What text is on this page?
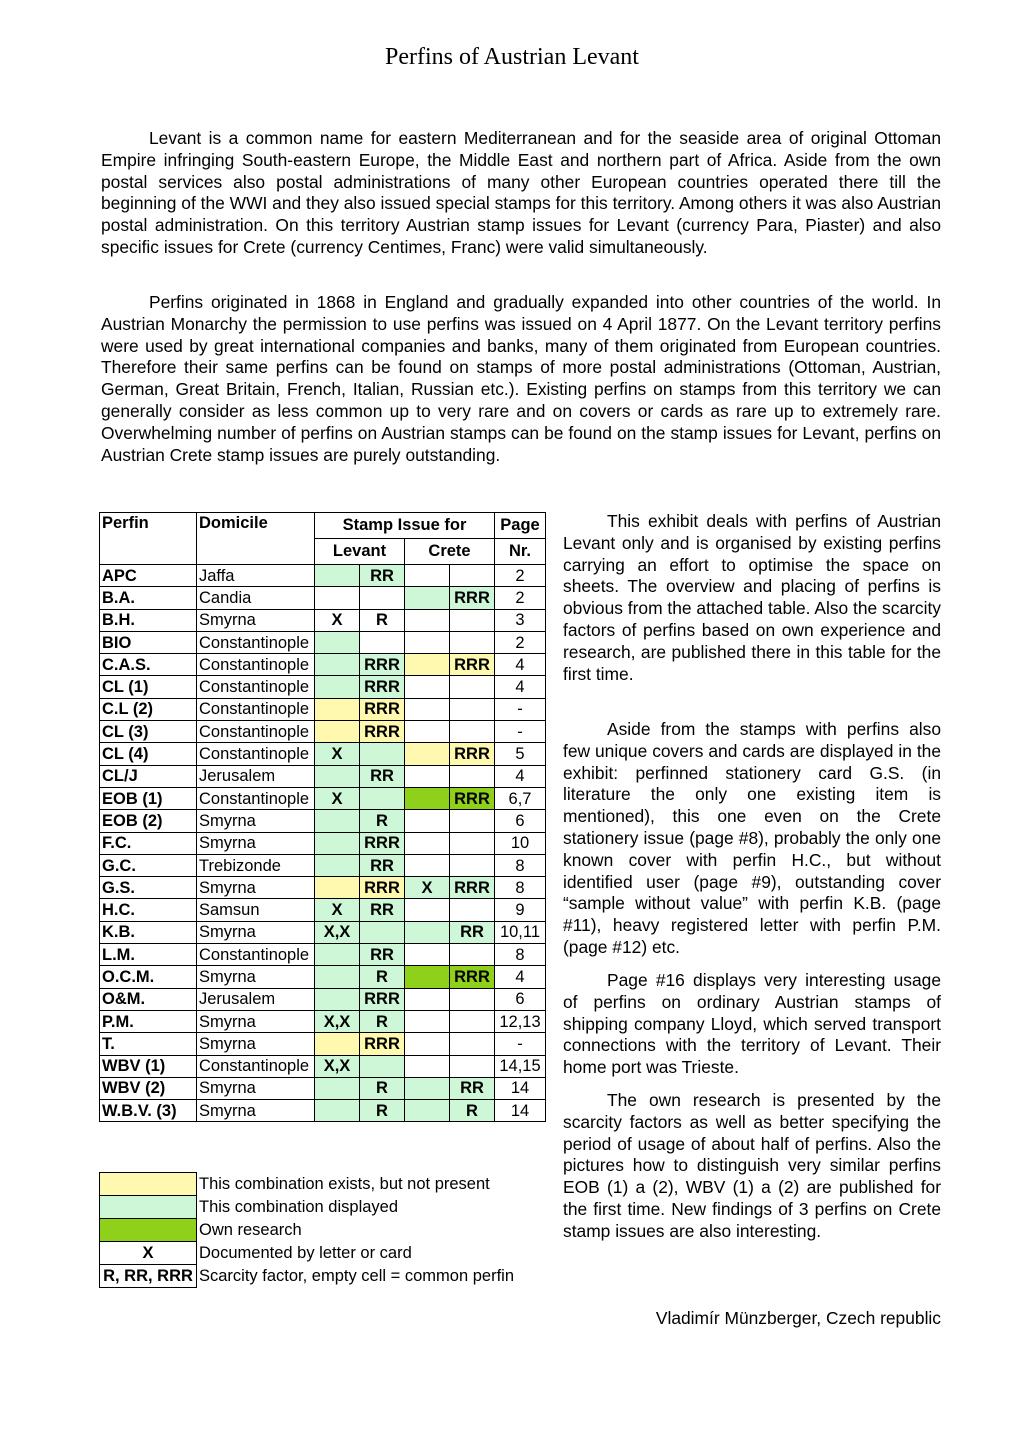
Perfins of Austrian Levant

Levant is a common name for eastern Mediterranean and for the seaside area of original Ottoman Empire infringing South-eastern Europe, the Middle East and northern part of Africa. Aside from the own postal services also postal administrations of many other European countries operated there till the beginning of the WWI and they also issued special stamps for this territory. Among others it was also Austrian postal administration. On this territory Austrian stamp issues for Levant (currency Para, Piaster) and also specific issues for Crete (currency Centimes, Franc) were valid simultaneously.

Perfins originated in 1868 in England and gradually expanded into other countries of the world. In Austrian Monarchy the permission to use perfins was issued on 4 April 1877. On the Levant territory perfins were used by great international companies and banks, many of them originated from European countries. Therefore their same perfins can be found on stamps of more postal administrations (Ottoman, Austrian, German, Great Britain, French, Italian, Russian etc.). Existing perfins on stamps from this territory we can generally consider as less common up to very rare and on covers or cards as rare up to extremely rare. Overwhelming number of perfins on Austrian stamps can be found on the stamp issues for Levant, perfins on Austrian Crete stamp issues are purely outstanding.

Perfin	Domicile	Stamp Issue for				Page
		Levant		Crete		Nr.
APC	Jaffa		RR			2
B.A.	Candia				RRR	2
B.H.	Smyrna	X	R			3
BIO	Constantinople					2
C.A.S.	Constantinople		RRR		RRR	4
CL (1)	Constantinople		RRR			4
C.L (2)	Constantinople		RRR			-
CL (3)	Constantinople		RRR			-
CL (4)	Constantinople	X			RRR	5
CL/J	Jerusalem		RR			4
EOB (1)	Constantinople	X			RRR	6,7
EOB (2)	Smyrna		R			6
F.C.	Smyrna		RRR			10
G.C.	Trebizonde		RR			8
G.S.	Smyrna		RRR	X	RRR	8
H.C.	Samsun	X	RR			9
K.B.	Smyrna	X,X			RR	10,11
L.M.	Constantinople		RR			8
O.C.M.	Smyrna		R		RRR	4
O&M.	Jerusalem		RRR			6
P.M.	Smyrna	X,X	R			12,13
T.	Smyrna		RRR			-
WBV (1)	Constantinople	X,X				14,15
WBV (2)	Smyrna		R		RR	14
W.B.V. (3)	Smyrna		R		R	14
	This combination exists, but not present
	This combination displayed
	Own research
X	Documented by letter or card
R, RR, RRR	Scarcity factor, empty cell = common perfin

This exhibit deals with perfins of Austrian Levant only and is organised by existing perfins carrying an effort to optimise the space on sheets. The overview and placing of perfins is obvious from the attached table. Also the scarcity factors of perfins based on own experience and research, are published there in this table for the first time.

Aside from the stamps with perfins also few unique covers and cards are displayed in the exhibit: perfinned stationery card G.S. (in literature the only one existing item is mentioned), this one even on the Crete stationery issue (page #8), probably the only one known cover with perfin H.C., but without identified user (page #9), outstanding cover “sample without value” with perfin K.B. (page #11), heavy registered letter with perfin P.M. (page #12) etc.

Page #16 displays very interesting usage of perfins on ordinary Austrian stamps of shipping company Lloyd, which served transport connections with the territory of Levant. Their home port was Trieste.

The own research is presented by the scarcity factors as well as better specifying the period of usage of about half of perfins. Also the pictures how to distinguish very similar perfins EOB (1) a (2), WBV (1) a (2) are published for the first time. New findings of 3 perfins on Crete stamp issues are also interesting.

Vladimír Münzberger, Czech republic
